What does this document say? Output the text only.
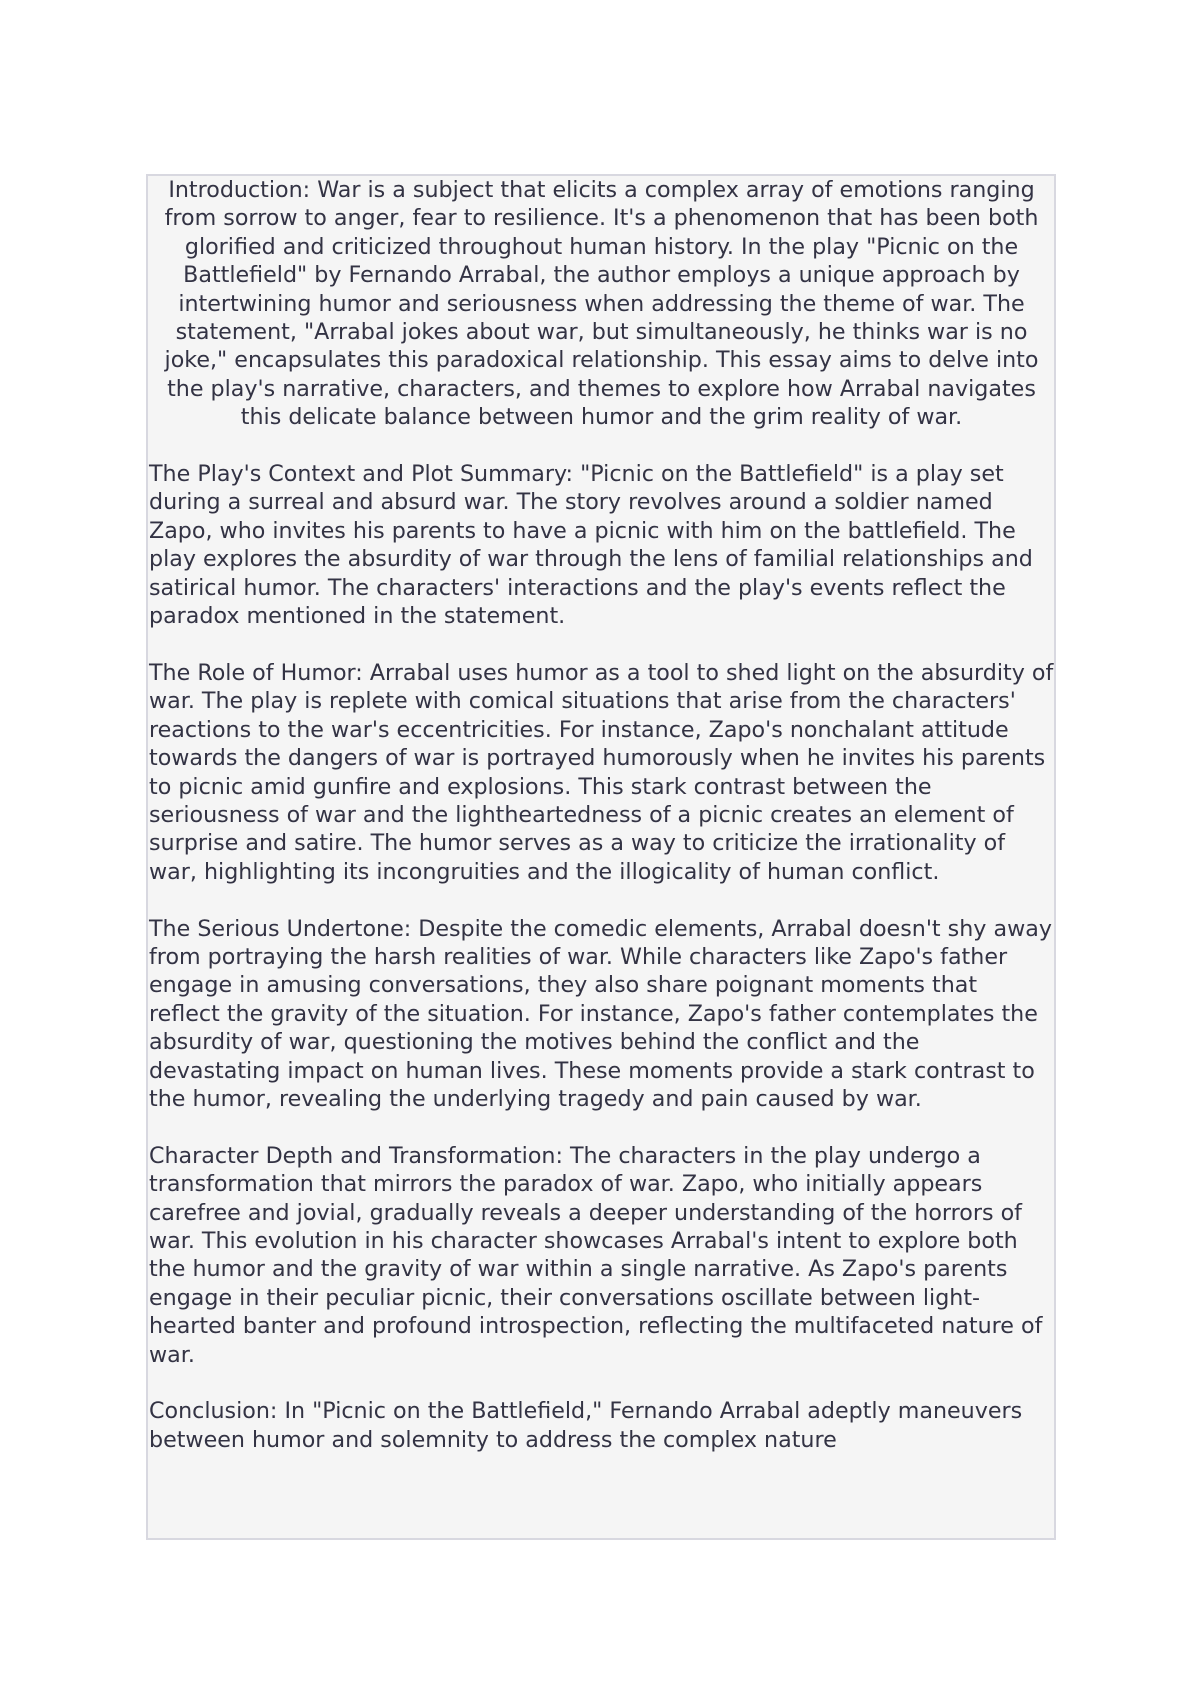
Introduction: War is a subject that elicits a complex array of emotions ranging from sorrow to anger, fear to resilience. It's a phenomenon that has been both glorified and criticized throughout human history. In the play "Picnic on the Battlefield" by Fernando Arrabal, the author employs a unique approach by intertwining humor and seriousness when addressing the theme of war. The statement, "Arrabal jokes about war, but simultaneously, he thinks war is no joke," encapsulates this paradoxical relationship. This essay aims to delve into the play's narrative, characters, and themes to explore how Arrabal navigates this delicate balance between humor and the grim reality of war.

The Play's Context and Plot Summary: "Picnic on the Battlefield" is a play set during a surreal and absurd war. The story revolves around a soldier named Zapo, who invites his parents to have a picnic with him on the battlefield. The play explores the absurdity of war through the lens of familial relationships and satirical humor. The characters' interactions and the play's events reflect the paradox mentioned in the statement.

The Role of Humor: Arrabal uses humor as a tool to shed light on the absurdity of war. The play is replete with comical situations that arise from the characters' reactions to the war's eccentricities. For instance, Zapo's nonchalant attitude towards the dangers of war is portrayed humorously when he invites his parents to picnic amid gunfire and explosions. This stark contrast between the seriousness of war and the lightheartedness of a picnic creates an element of surprise and satire. The humor serves as a way to criticize the irrationality of war, highlighting its incongruities and the illogicality of human conflict.

The Serious Undertone: Despite the comedic elements, Arrabal doesn't shy away from portraying the harsh realities of war. While characters like Zapo's father engage in amusing conversations, they also share poignant moments that reflect the gravity of the situation. For instance, Zapo's father contemplates the absurdity of war, questioning the motives behind the conflict and the devastating impact on human lives. These moments provide a stark contrast to the humor, revealing the underlying tragedy and pain caused by war.

Character Depth and Transformation: The characters in the play undergo a transformation that mirrors the paradox of war. Zapo, who initially appears carefree and jovial, gradually reveals a deeper understanding of the horrors of war. This evolution in his character showcases Arrabal's intent to explore both the humor and the gravity of war within a single narrative. As Zapo's parents engage in their peculiar picnic, their conversations oscillate between light-hearted banter and profound introspection, reflecting the multifaceted nature of war.

Conclusion: In "Picnic on the Battlefield," Fernando Arrabal adeptly maneuvers between humor and solemnity to address the complex nature
